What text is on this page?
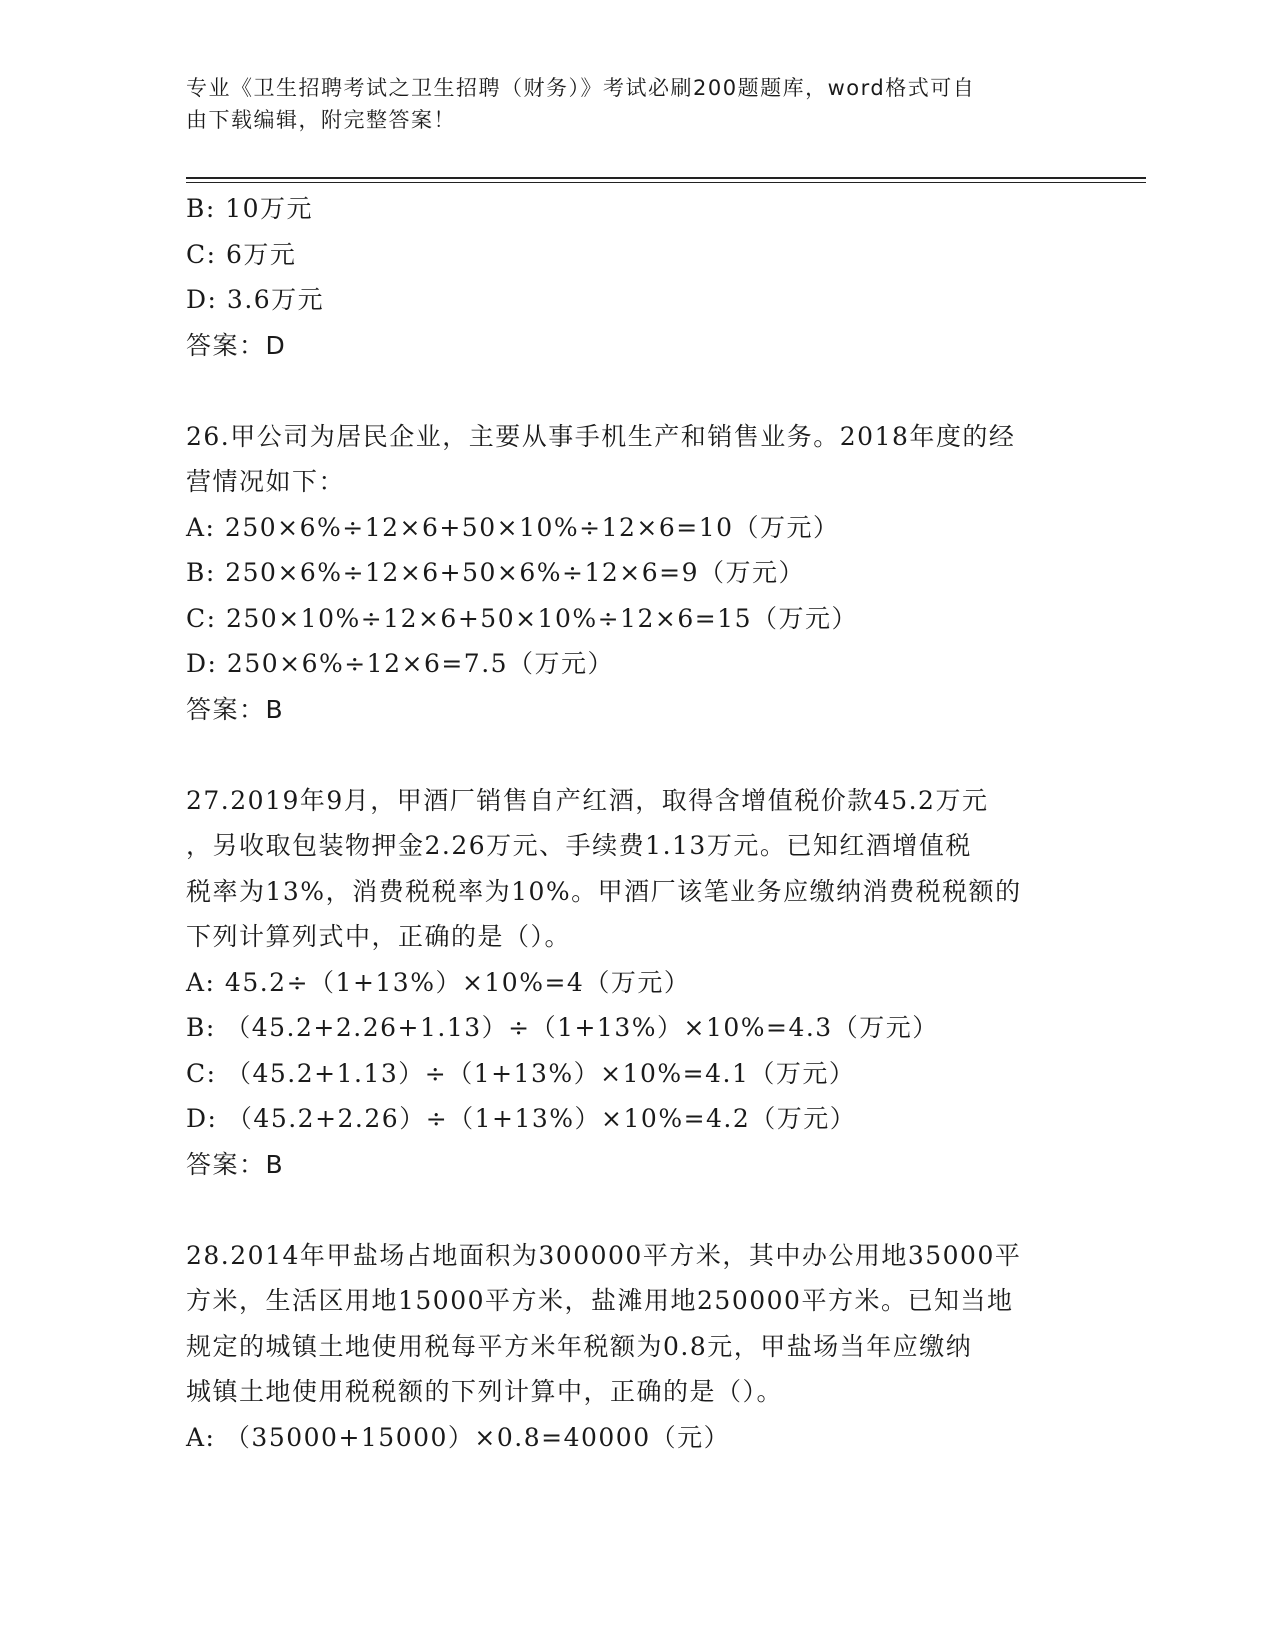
专业《卫生招聘考试之卫生招聘（财务）》考试必刷200题题库，word格式可自
由下载编辑，附完整答案！
B: 10万元
C: 6万元
D: 3.6万元
答案：D
26.甲公司为居民企业，主要从事手机生产和销售业务。2018年度的经
营情况如下：
A: 250×6%÷12×6+50×10%÷12×6=10（万元）
B: 250×6%÷12×6+50×6%÷12×6=9（万元）
C: 250×10%÷12×6+50×10%÷12×6=15（万元）
D: 250×6%÷12×6=7.5（万元）
答案：B
27.2019年9月，甲酒厂销售自产红酒，取得含增值税价款45.2万元
，另收取包装物押金2.26万元、手续费1.13万元。已知红酒增值税
税率为13%，消费税税率为10%。甲酒厂该笔业务应缴纳消费税税额的
下列计算列式中，正确的是（）。
A: 45.2÷（1+13%）×10%=4（万元）
B: （45.2+2.26+1.13）÷（1+13%）×10%=4.3（万元）
C: （45.2+1.13）÷（1+13%）×10%=4.1（万元）
D: （45.2+2.26）÷（1+13%）×10%=4.2（万元）
答案：B
28.2014年甲盐场占地面积为300000平方米，其中办公用地35000平
方米，生活区用地15000平方米，盐滩用地250000平方米。已知当地
规定的城镇土地使用税每平方米年税额为0.8元，甲盐场当年应缴纳
城镇土地使用税税额的下列计算中，正确的是（）。
A: （35000+15000）×0.8=40000（元）
